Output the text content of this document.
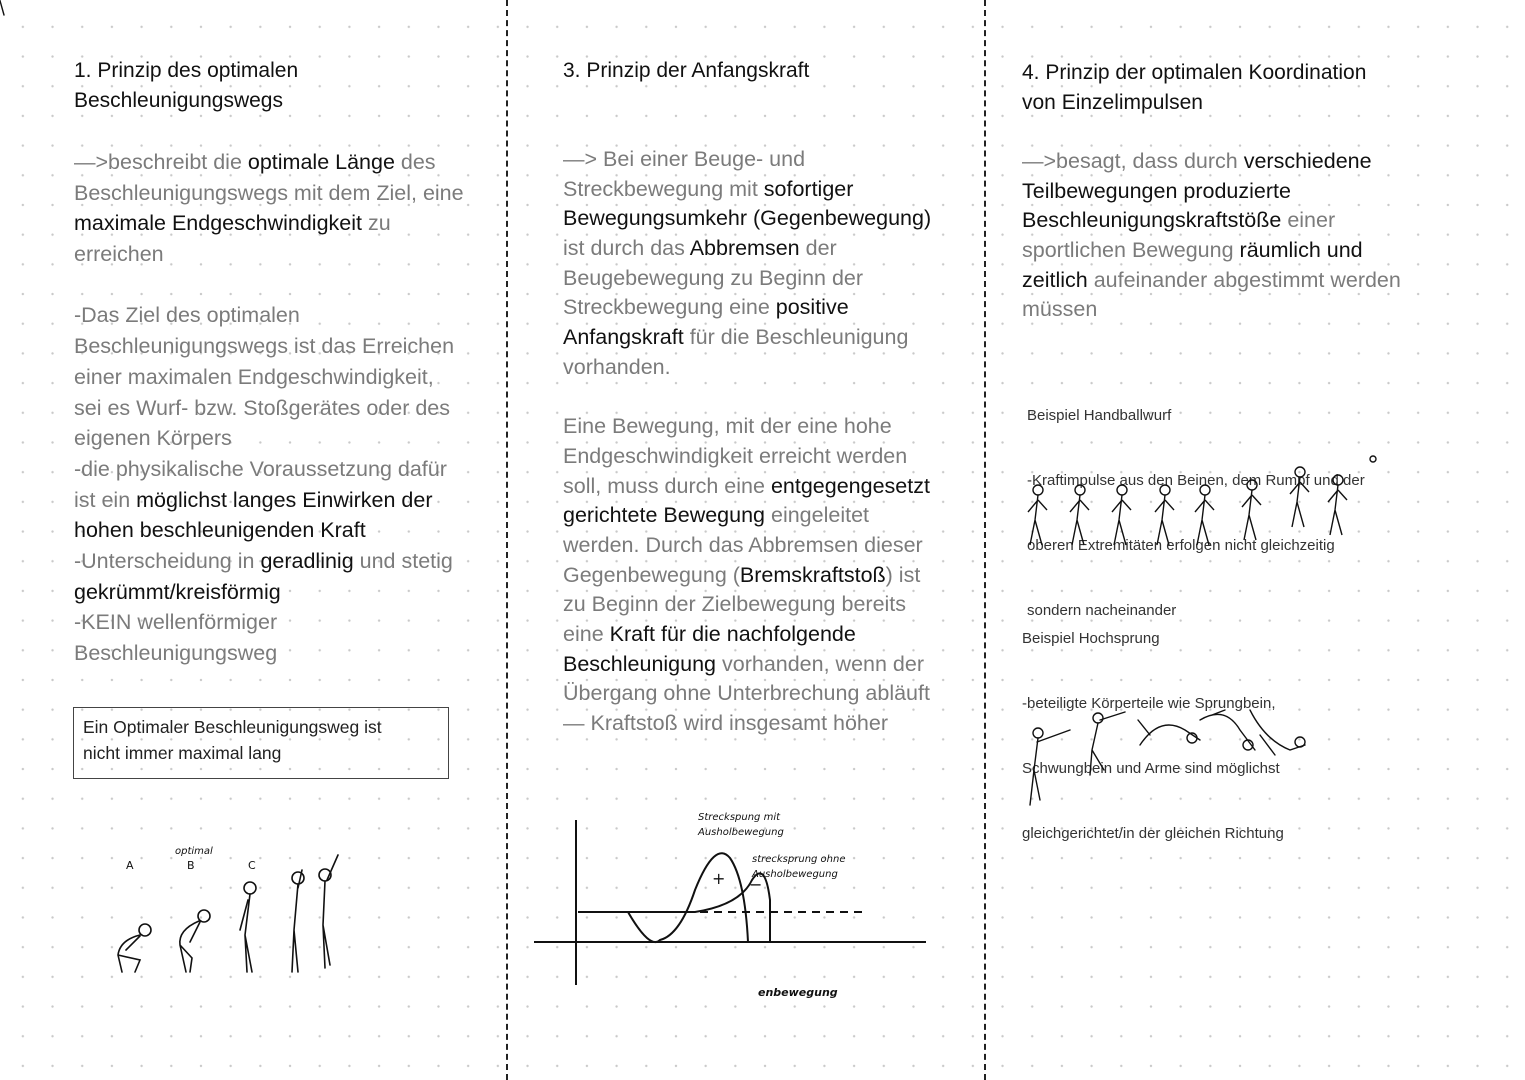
1. Prinzip des optimalen
Beschleunigungswegs
—>beschreibt die optimale Länge des
Beschleunigungswegs mit dem Ziel, eine
maximale Endgeschwindigkeit zu
erreichen
-Das Ziel des optimalen
Beschleunigungswegs ist das Erreichen
einer maximalen Endgeschwindigkeit,
sei es Wurf- bzw. Stoßgerätes oder des
eigenen Körpers
-die physikalische Voraussetzung dafür
ist ein möglichst langes Einwirken der
hohen beschleunigenden Kraft
-Unterscheidung in geradlinig und stetig
gekrümmt/kreisförmig
-KEIN wellenförmiger
Beschleunigungsweg
3. Prinzip der Anfangskraft
—> Bei einer Beuge- und
Streckbewegung mit sofortiger
Bewegungsumkehr (Gegenbewegung)
ist durch das Abbremsen der
Beugebewegung zu Beginn der
Streckbewegung eine positive
Anfangskraft für die Beschleunigung
vorhanden.
Eine Bewegung, mit der eine hohe
Endgeschwindigkeit erreicht werden
soll, muss durch eine entgegengesetzt
gerichtete Bewegung eingeleitet
werden. Durch das Abbremsen dieser
Gegenbewegung (Bremskraftstoß) ist
zu Beginn der Zielbewegung bereits
eine Kraft für die nachfolgende
Beschleunigung vorhanden, wenn der
Übergang ohne Unterbrechung abläuft
— Kraftstoß wird insgesamt höher
4. Prinzip der optimalen Koordination
von Einzelimpulsen
—>besagt, dass durch verschiedene
Teilbewegungen produzierte
Beschleunigungskraftstöße einer
sportlichen Bewegung räumlich und
zeitlich aufeinander abgestimmt werden
müssen
Ein Optimaler Beschleunigungsweg ist
nicht immer maximal lang
A
optimal
B	C
Streckspung mit
Ausholbewegung
strecksprung ohne
Ausholbewegung
+ −
enbewegung

Beispiel Handballwurf

-Kraftimpulse aus den Beinen, dem Rumpf und der

oberen Extremitäten erfolgen nicht gleichzeitig

sondern nacheinander

Beispiel Hochsprung

-beteiligte Körperteile wie Sprungbein,

Schwungbein und Arme sind möglichst

gleichgerichtet/in der gleichen Richtung
